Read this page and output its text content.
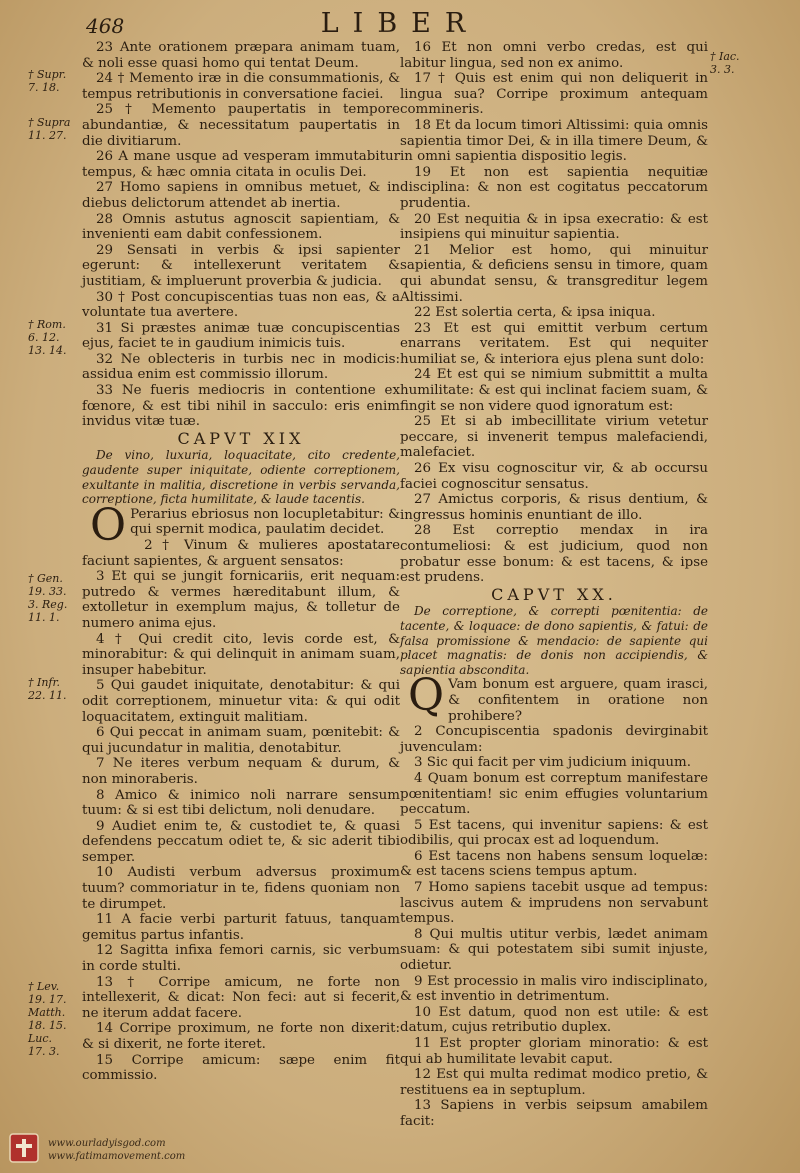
468	LIBER
† Supr.
7. 18.
† Supra
11. 27.
† Rom.
6. 12.
13. 14.
† Gen.
19. 33.
3. Reg.
11. 1.
† Infr.
22. 11.
† Lev.
19. 17.
Matth.
18. 15.
Luc.
17. 3.
† Iac.
3. 3.

23 Ante orationem præpara animam tuam, & noli esse quasi homo qui tentat Deum.

24 † Memento iræ in die consummationis, & tempus retributionis in conversatione faciei.

25 † Memento paupertatis in tempore abundantiæ, & necessitatum paupertatis in die divitiarum.

26 A mane usque ad vesperam immutabitur tempus, & hæc omnia citata in oculis Dei.

27 Homo sapiens in omnibus metuet, & in diebus delictorum attendet ab inertia.

28 Omnis astutus agnoscit sapientiam, & invenienti eam dabit confessionem.

29 Sensati in verbis & ipsi sapienter egerunt: & intellexerunt veritatem & justitiam, & impluerunt proverbia & judicia.

30 † Post concupiscentias tuas non eas, & a voluntate tua avertere.

31 Si præstes animæ tuæ concupiscentias ejus, faciet te in gaudium inimicis tuis.

32 Ne oblecteris in turbis nec in modicis: assidua enim est commissio illorum.

33 Ne fueris mediocris in contentione ex fœnore, & est tibi nihil in sacculo: eris enim invidus vitæ tuæ.

CAPVT XIX

De vino, luxuria, loquacitate, cito credente, gaudente super iniquitate, odiente correptionem, exultante in malitia, discretione in verbis servanda, correptione, ficta humilitate, & laude tacentis.

O Perarius ebriosus non locupletabitur: & qui spernit modica, paulatim decidet.

2 † Vinum & mulieres apostatare faciunt sapientes, & arguent sensatos:

3 Et qui se jungit fornicariis, erit nequam: putredo & vermes hæreditabunt illum, & extolletur in exemplum majus, & tolletur de numero anima ejus.

4 † Qui credit cito, levis corde est, & minorabitur: & qui delinquit in animam suam, insuper habebitur.

5 Qui gaudet iniquitate, denotabitur: & qui odit correptionem, minuetur vita: & qui odit loquacitatem, extinguit malitiam.

6 Qui peccat in animam suam, pœnitebit: & qui jucundatur in malitia, denotabitur.

7 Ne iteres verbum nequam & durum, & non minoraberis.

8 Amico & inimico noli narrare sensum tuum: & si est tibi delictum, noli denudare.

9 Audiet enim te, & custodiet te, & quasi defendens peccatum odiet te, & sic aderit tibi semper.

10 Audisti verbum adversus proximum tuum? commoriatur in te, fidens quoniam non te dirumpet.

11 A facie verbi parturit fatuus, tanquam gemitus partus infantis.

12 Sagitta infixa femori carnis, sic verbum in corde stulti.

13 † Corripe amicum, ne forte non intellexerit, & dicat: Non feci: aut si fecerit, ne iterum addat facere.

14 Corripe proximum, ne forte non dixerit: & si dixerit, ne forte iteret.

15 Corripe amicum: sæpe enim fit commissio.

16 Et non omni verbo credas, est qui labitur lingua, sed non ex animo.

17 † Quis est enim qui non deliquerit in lingua sua? Corripe proximum antequam commineris.

18 Et da locum timori Altissimi: quia omnis sapientia timor Dei, & in illa timere Deum, & in omni sapientia dispositio legis.

19 Et non est sapientia nequitiæ disciplina: & non est cogitatus peccatorum prudentia.

20 Est nequitia & in ipsa execratio: & est insipiens qui minuitur sapientia.

21 Melior est homo, qui minuitur sapientia, & deficiens sensu in timore, quam qui abundat sensu, & transgreditur legem Altissimi.

22 Est solertia certa, & ipsa iniqua.

23 Et est qui emittit verbum certum enarrans veritatem. Est qui nequiter humiliat se, & interiora ejus plena sunt dolo:

24 Et est qui se nimium submittit a multa humilitate: & est qui inclinat faciem suam, & fingit se non videre quod ignoratum est:

25 Et si ab imbecillitate virium vetetur peccare, si invenerit tempus malefaciendi, malefaciet.

26 Ex visu cognoscitur vir, & ab occursu faciei cognoscitur sensatus.

27 Amictus corporis, & risus dentium, & ingressus hominis enuntiant de illo.

28 Est correptio mendax in ira contumeliosi: & est judicium, quod non probatur esse bonum: & est tacens, & ipse est prudens.

CAPVT XX.

De correptione, & correpti pœnitentia: de tacente, & loquace: de dono sapientis, & fatui: de falsa promissione & mendacio: de sapiente qui placet magnatis: de donis non accipiendis, & sapientia abscondita.

Q Vam bonum est arguere, quam irasci, & confitentem in oratione non prohibere?

2 Concupiscentia spadonis devirginabit juvenculam:

3 Sic qui facit per vim judicium iniquum.

4 Quam bonum est correptum manifestare pœnitentiam! sic enim effugies voluntarium peccatum.

5 Est tacens, qui invenitur sapiens: & est odibilis, qui procax est ad loquendum.

6 Est tacens non habens sensum loquelæ: & est tacens sciens tempus aptum.

7 Homo sapiens tacebit usque ad tempus: lascivus autem & imprudens non servabunt tempus.

8 Qui multis utitur verbis, lædet animam suam: & qui potestatem sibi sumit injuste, odietur.

9 Est processio in malis viro indisciplinato, & est inventio in detrimentum.

10 Est datum, quod non est utile: & est datum, cujus retributio duplex.

11 Est propter gloriam minoratio: & est qui ab humilitate levabit caput.

12 Est qui multa redimat modico pretio, & restituens ea in septuplum.

13 Sapiens in verbis seipsum amabilem facit:

www.ourladyisgod.com
www.fatimamovement.com
